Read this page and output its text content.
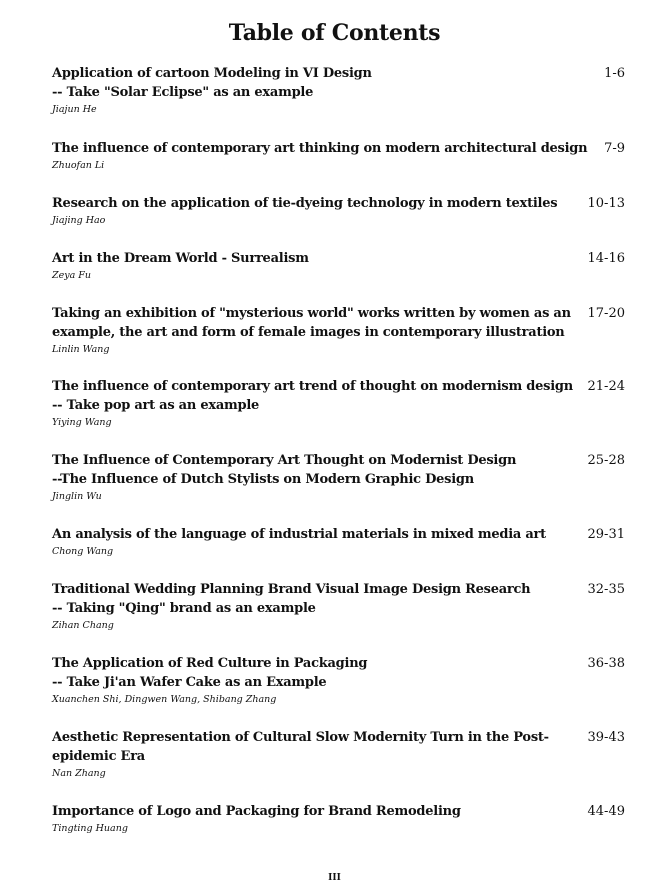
Table of Contents
Application of cartoon Modeling in VI Design
-- Take "Solar Eclipse" as an example
Jiajun He
1-6
The influence of contemporary art thinking on modern architectural design
Zhuofan Li
7-9
Research on the application of tie-dyeing technology in modern textiles
Jiajing Hao
10-13
Art in the Dream World - Surrealism
Zeya Fu
14-16
Taking an exhibition of "mysterious world" works written by women as an
example, the art and form of female images in contemporary illustration
Linlin Wang
17-20
The influence of contemporary art trend of thought on modernism design
-- Take pop art as an example
Yiying Wang
21-24
The Influence of Contemporary Art Thought on Modernist Design
--The Influence of Dutch Stylists on Modern Graphic Design
Jinglin Wu
25-28
An analysis of the language of industrial materials in mixed media art
Chong Wang
29-31
Traditional Wedding Planning Brand Visual Image Design Research
-- Taking "Qing" brand as an example
Zihan Chang
32-35
The Application of Red Culture in Packaging
-- Take Ji'an Wafer Cake as an Example
Xuanchen Shi, Dingwen Wang, Shibang Zhang
36-38
Aesthetic Representation of Cultural Slow Modernity Turn in the Post-
epidemic Era
Nan Zhang
39-43
Importance of Logo and Packaging for Brand Remodeling
Tingting Huang
44-49
III
